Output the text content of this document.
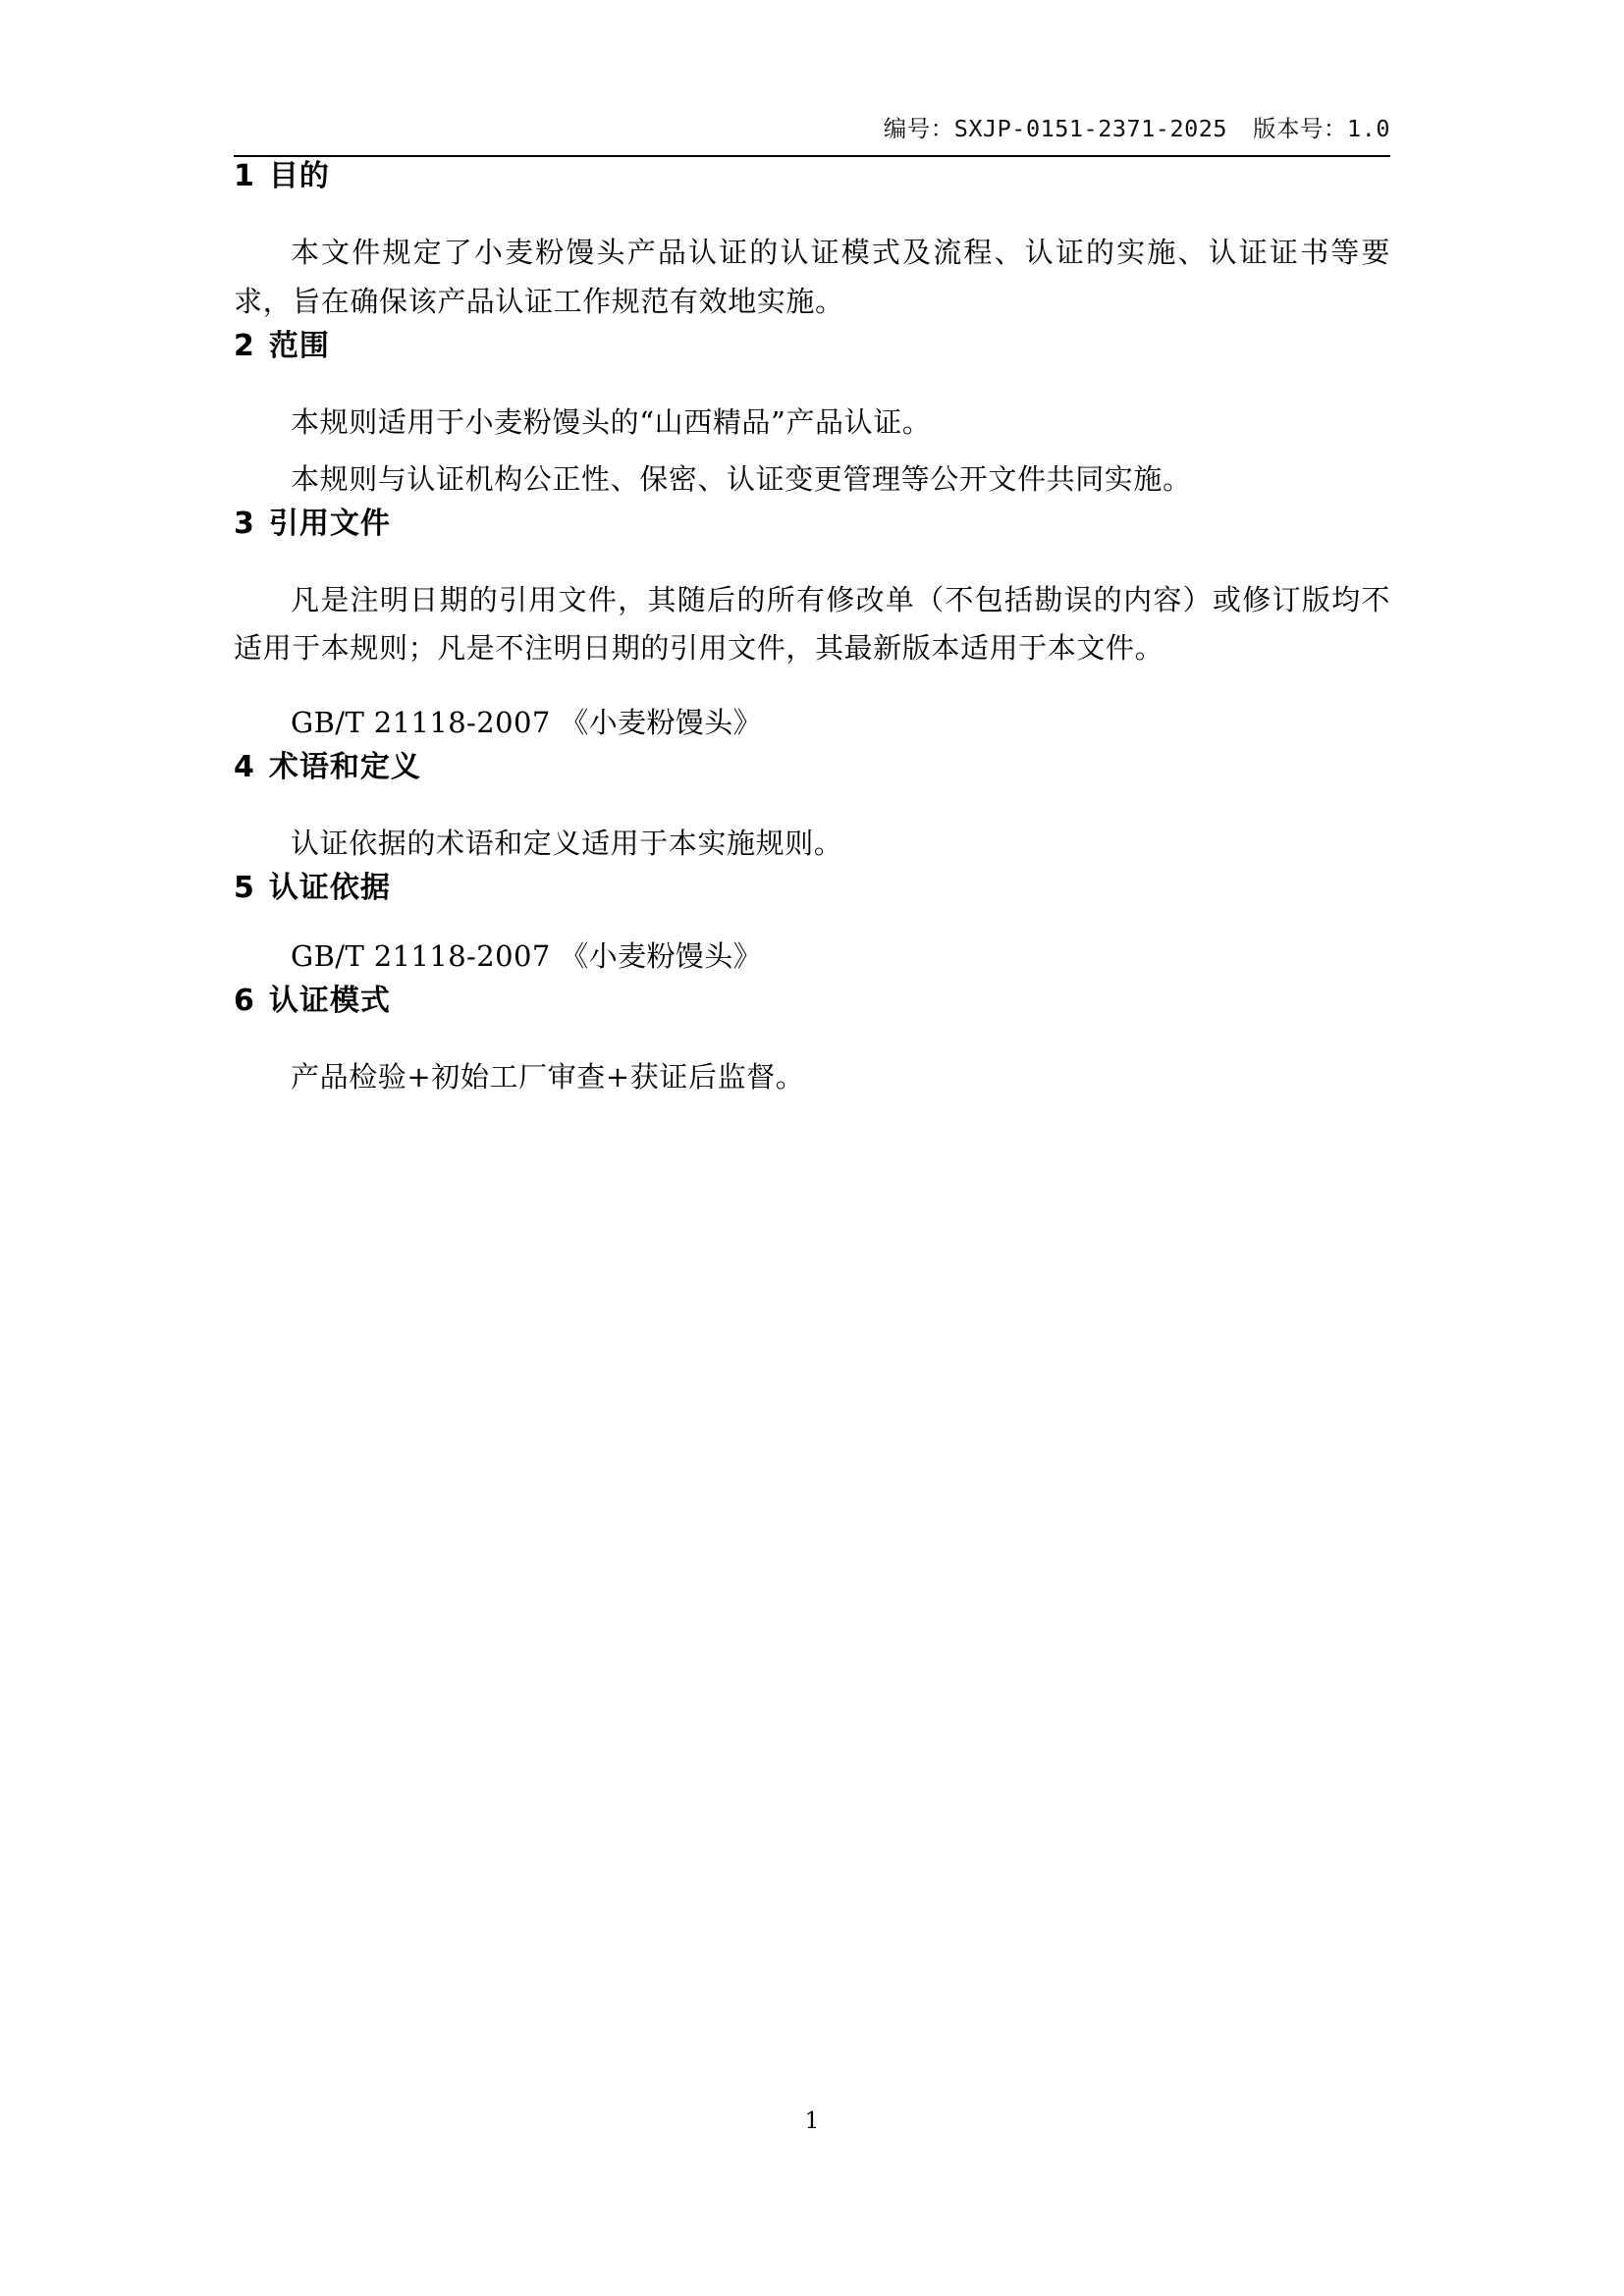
编号：SXJP-0151-2371-2025 版本号：1.0
1 目的

本文件规定了小麦粉馒头产品认证的认证模式及流程、认证的实施、认证证书等要求，旨在确保该产品认证工作规范有效地实施。

2 范围

本规则适用于小麦粉馒头的“山西精品”产品认证。

本规则与认证机构公正性、保密、认证变更管理等公开文件共同实施。

3 引用文件

凡是注明日期的引用文件，其随后的所有修改单（不包括勘误的内容）或修订版均不适用于本规则；凡是不注明日期的引用文件，其最新版本适用于本文件。

GB/T 21118-2007 《小麦粉馒头》

4 术语和定义

认证依据的术语和定义适用于本实施规则。

5 认证依据

GB/T 21118-2007 《小麦粉馒头》

6 认证模式

产品检验+初始工厂审查+获证后监督。

1
